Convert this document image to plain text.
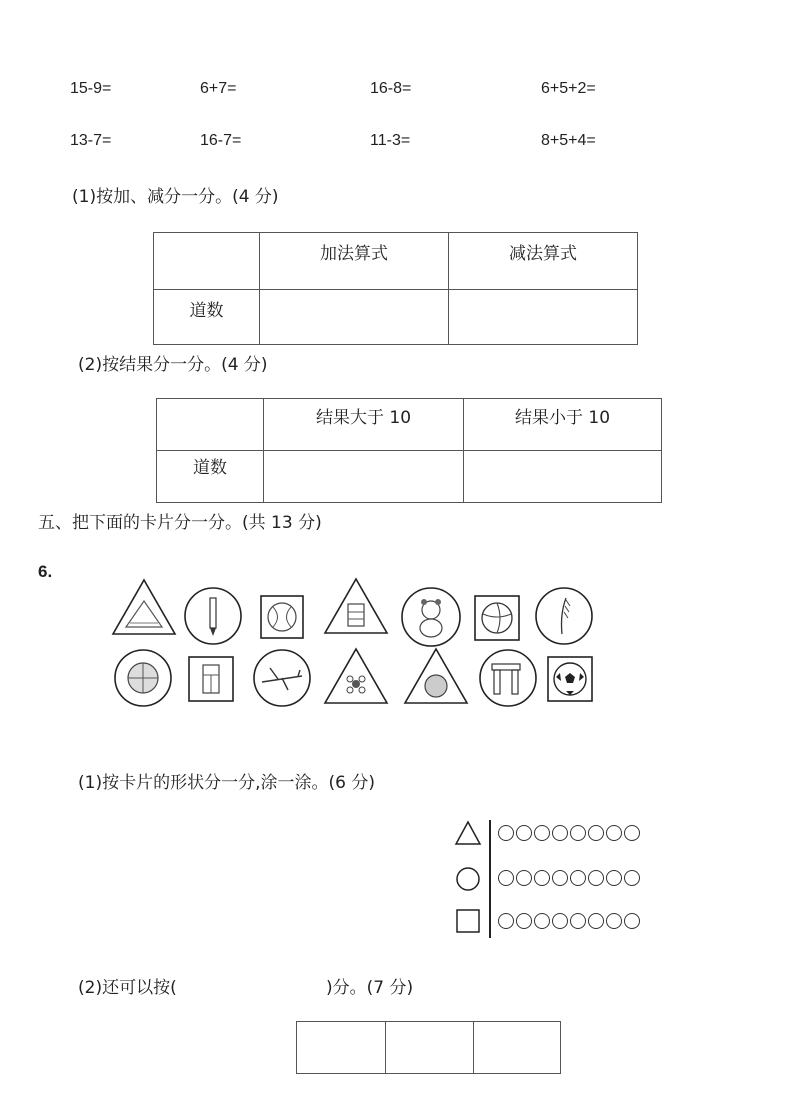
15-9=	6+7=	16-8=	6+5+2=
13-7=	16-7=	11-3=	8+5+4=
(1)按加、减分一分。(4 分)
	加法算式	减法算式
道数		
(2)按结果分一分。(4 分)
	结果大于 10	结果小于 10
道数		
五、把下面的卡片分一分。(共 13 分)
6.
(1)按卡片的形状分一分,涂一涂。(6 分)
(2)还可以按(	)分。(7 分)
